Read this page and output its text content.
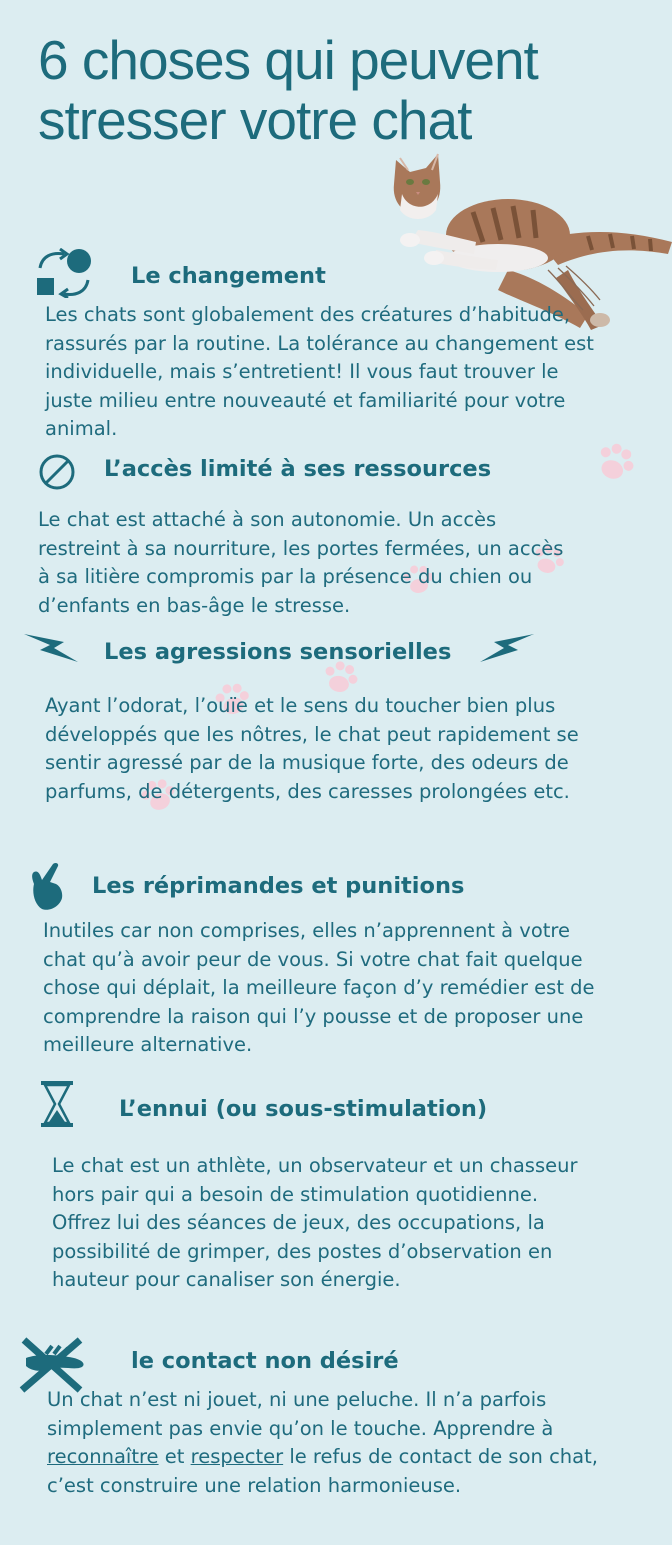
6 choses qui peuvent
stresser votre chat
Le changement

Les chats sont globalement des créatures d’habitude, rassurés par la routine. La tolérance au changement est individuelle, mais s’entretient! Il vous faut trouver le juste milieu entre nouveauté et familiarité pour votre animal.

L’accès limité à ses ressources

Le chat est attaché à son autonomie. Un accès restreint à sa nourriture, les portes fermées, un accès à sa litière compromis par la présence du chien ou d’enfants en bas-âge le stresse.

Les agressions sensorielles

Ayant l’odorat, l’ouïe et le sens du toucher bien plus développés que les nôtres, le chat peut rapidement se sentir agressé par de la musique forte, des odeurs de parfums, de détergents, des caresses prolongées etc.

Les réprimandes et punitions

Inutiles car non comprises, elles n’apprennent à votre chat qu’à avoir peur de vous. Si votre chat fait quelque chose qui déplait, la meilleure façon d’y remédier est de comprendre la raison qui l’y pousse et de proposer une meilleure alternative.

L’ennui (ou sous-stimulation)

Le chat est un athlète, un observateur et un chasseur hors pair qui a besoin de stimulation quotidienne. Offrez lui des séances de jeux, des occupations, la possibilité de grimper, des postes d’observation en hauteur pour canaliser son énergie.

le contact non désiré

Un chat n’est ni jouet, ni une peluche. Il n’a parfois simplement pas envie qu’on le touche. Apprendre à reconnaître et respecter le refus de contact de son chat, c’est construire une relation harmonieuse.
